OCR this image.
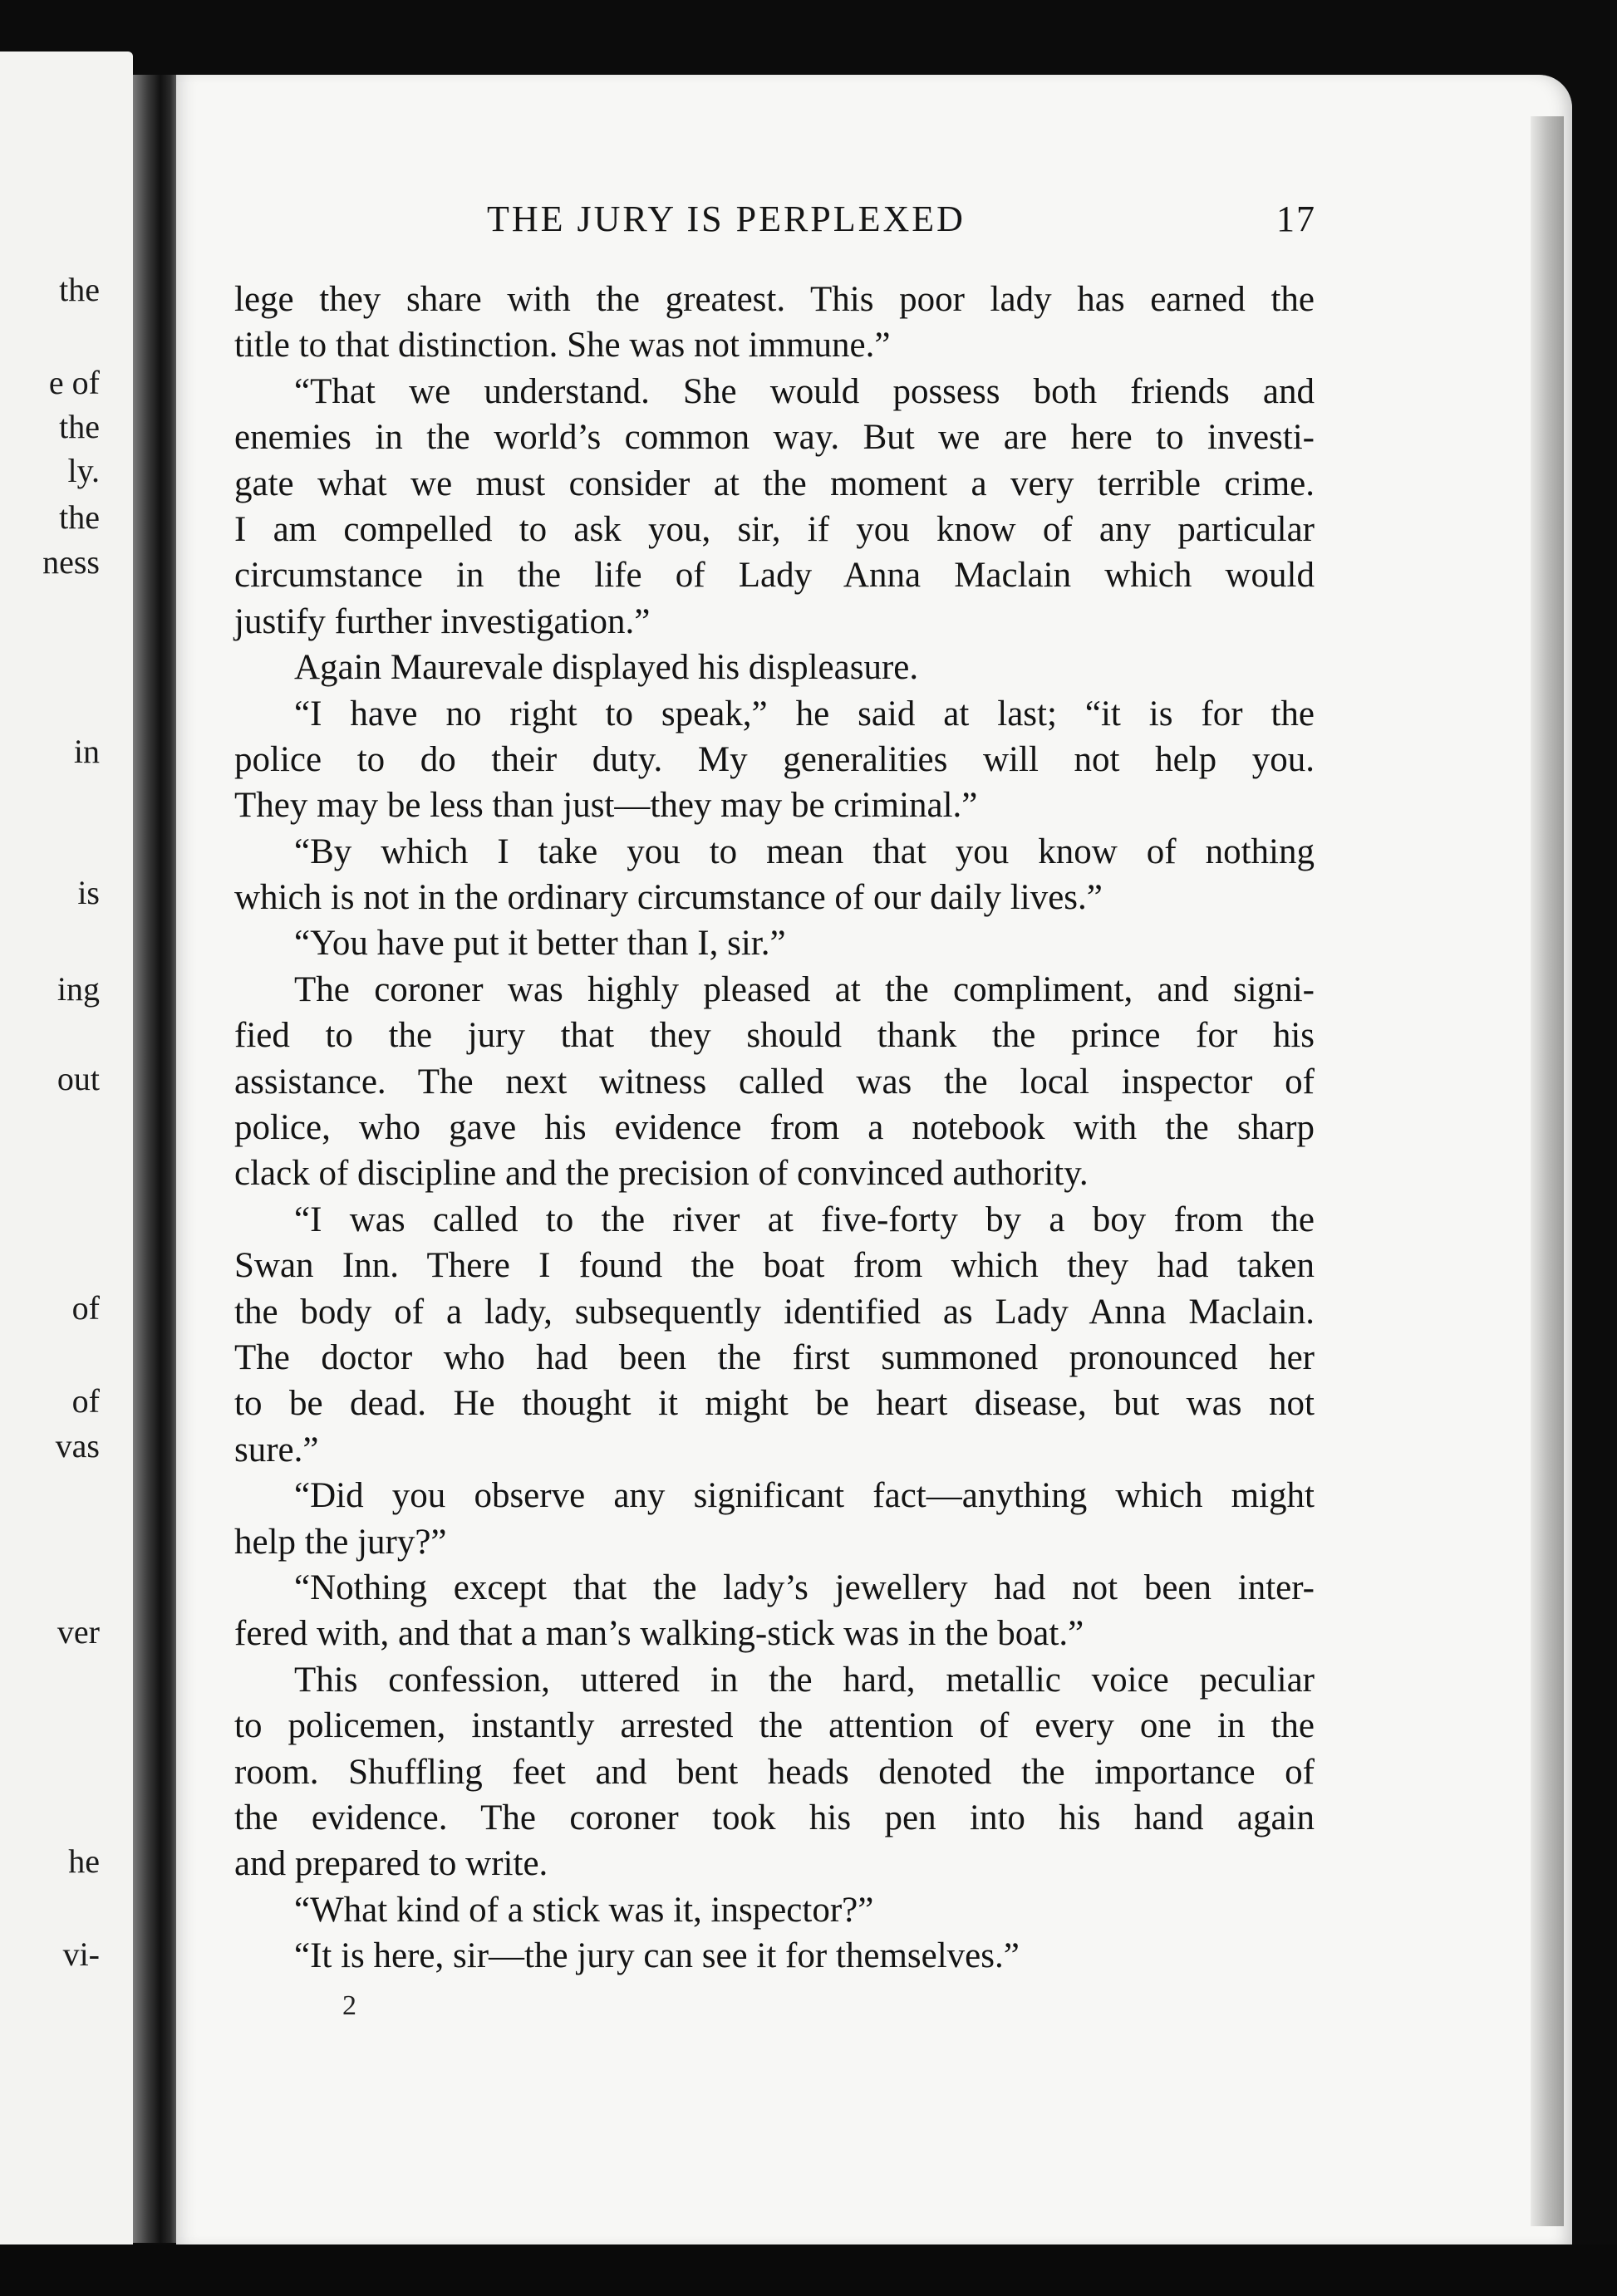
the
e of
the
ly.
the
ness
in
is
ing
out
of
of
vas
ver
he
vi-
THE JURY IS PERPLEXED	17
lege they share with the greatest. This poor lady has earned the
title to that distinction. She was not immune.”
“That we understand. She would possess both friends and
enemies in the world’s common way. But we are here to investi-
gate what we must consider at the moment a very terrible crime.
I am compelled to ask you, sir, if you know of any particular
circumstance in the life of Lady Anna Maclain which would
justify further investigation.”
Again Maurevale displayed his displeasure.
“I have no right to speak,” he said at last; “it is for the
police to do their duty. My generalities will not help you.
They may be less than just—they may be criminal.”
“By which I take you to mean that you know of nothing
which is not in the ordinary circumstance of our daily lives.”
“You have put it better than I, sir.”
The coroner was highly pleased at the compliment, and signi-
fied to the jury that they should thank the prince for his
assistance. The next witness called was the local inspector of
police, who gave his evidence from a notebook with the sharp
clack of discipline and the precision of convinced authority.
“I was called to the river at five-forty by a boy from the
Swan Inn. There I found the boat from which they had taken
the body of a lady, subsequently identified as Lady Anna Maclain.
The doctor who had been the first summoned pronounced her
to be dead. He thought it might be heart disease, but was not
sure.”
“Did you observe any significant fact—anything which might
help the jury?”
“Nothing except that the lady’s jewellery had not been inter-
fered with, and that a man’s walking-stick was in the boat.”
This confession, uttered in the hard, metallic voice peculiar
to policemen, instantly arrested the attention of every one in the
room. Shuffling feet and bent heads denoted the importance of
the evidence. The coroner took his pen into his hand again
and prepared to write.
“What kind of a stick was it, inspector?”
“It is here, sir—the jury can see it for themselves.”
2
